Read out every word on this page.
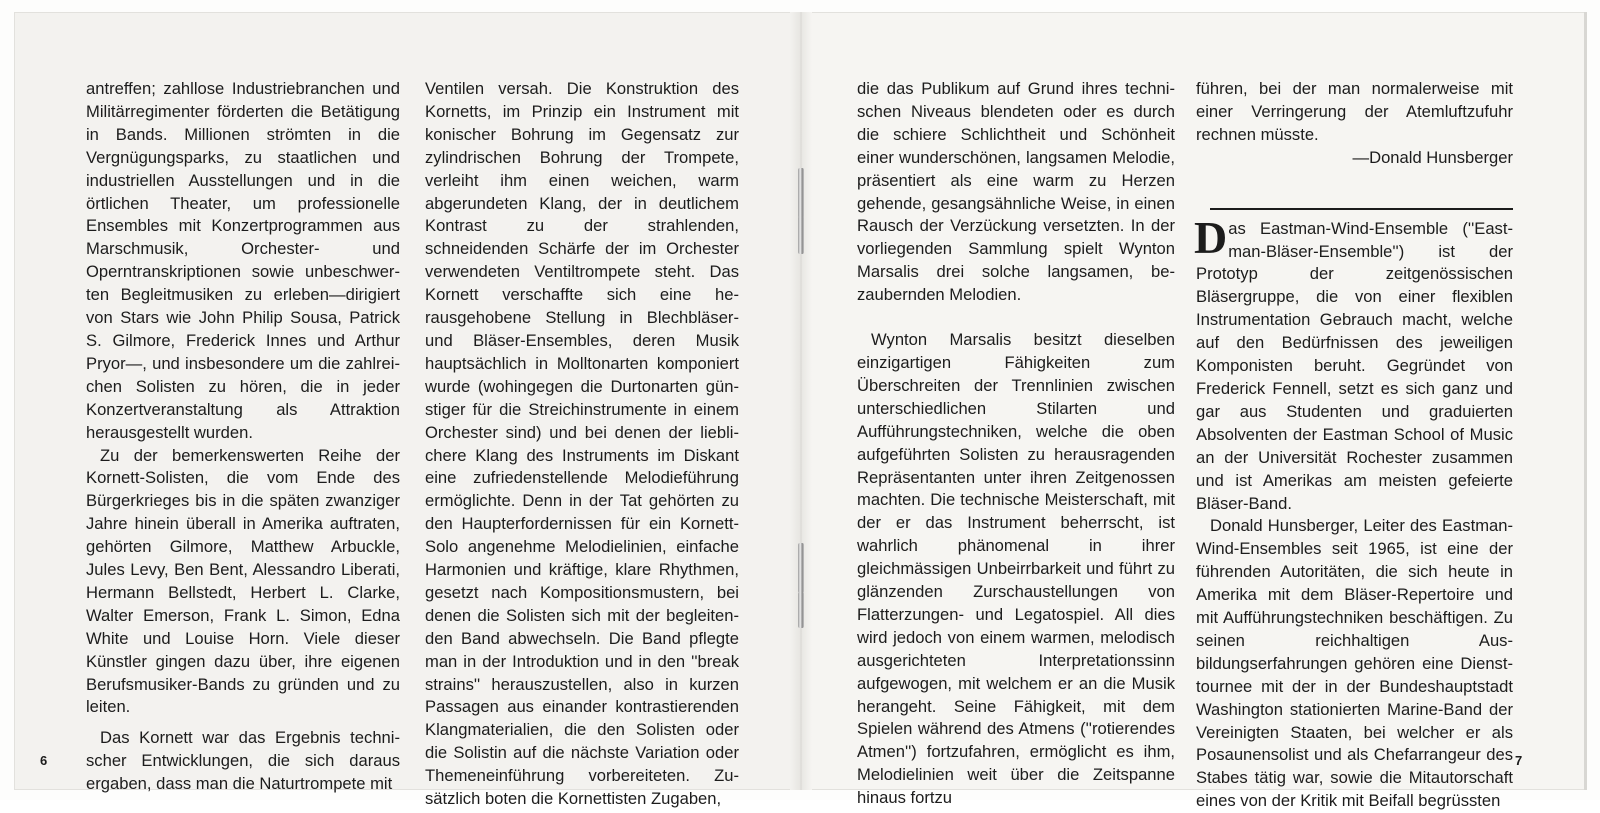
antreffen; zahllose Industriebranchen und Militärregimenter förderten die Betätigung in Bands. Millionen strömten in die Vergnügungsparks, zu staatlichen und industriellen Ausstellungen und in die örtlichen Theater, um professionelle Ensembles mit Konzertprogrammen aus Marschmusik, Orchester- und Operntranskriptionen sowie unbeschwerten Begleitmusiken zu erleben—dirigiert von Stars wie John Philip Sousa, Patrick S. Gilmore, Frederick Innes und Arthur Pryor—, und insbesondere um die zahlreichen Solisten zu hören, die in jeder Konzertveranstaltung als Attraktion herausgestellt wurden.

Zu der bemerkenswerten Reihe der Kornett-Solisten, die vom Ende des Bürgerkrieges bis in die späten zwanziger Jahre hinein überall in Amerika auftraten, gehörten Gilmore, Matthew Arbuckle, Jules Levy, Ben Bent, Alessandro Liberati, Hermann Bellstedt, Herbert L. Clarke, Walter Emerson, Frank L. Simon, Edna White und Louise Horn. Viele dieser Künstler gingen dazu über, ihre eigenen Berufsmusiker-Bands zu gründen und zu leiten.

Das Kornett war das Ergebnis technischer Entwicklungen, die sich daraus ergaben, dass man die Naturtrompete mit

Ventilen versah. Die Konstruktion des Kornetts, im Prinzip ein Instrument mit konischer Bohrung im Gegensatz zur zylindrischen Bohrung der Trompete, verleiht ihm einen weichen, warm abgerundeten Klang, der in deutlichem Kontrast zu der strahlenden, schneidenden Schärfe der im Orchester verwendeten Ventiltrompete steht. Das Kornett verschaffte sich eine herausgehobene Stellung in Blechbläser- und Bläser-Ensembles, deren Musik hauptsächlich in Molltonarten komponiert wurde (wohingegen die Durtonarten günstiger für die Streichinstrumente in einem Orchester sind) und bei denen der lieblichere Klang des Instruments im Diskant eine zufriedenstellende Melodieführung ermöglichte. Denn in der Tat gehörten zu den Haupterfordernissen für ein Kornett-Solo angenehme Melodielinien, einfache Harmonien und kräftige, klare Rhythmen, gesetzt nach Kompositionsmustern, bei denen die Solisten sich mit der begleitenden Band abwechseln. Die Band pflegte man in der Introduktion und in den ''break strains'' herauszustellen, also in kurzen Passagen aus einander kontrastierenden Klangmaterialien, die den Solisten oder die Solistin auf die nächste Variation oder Themeneinführung vorbereiteten. Zusätzlich boten die Kornettisten Zugaben,

die das Publikum auf Grund ihres technischen Niveaus blendeten oder es durch die schiere Schlichtheit und Schönheit einer wunderschönen, langsamen Melodie, präsentiert als eine warm zu Herzen gehende, gesangsähnliche Weise, in einen Rausch der Verzückung versetzten. In der vorliegenden Sammlung spielt Wynton Marsalis drei solche langsamen, bezaubernden Melodien.

Wynton Marsalis besitzt dieselben einzigartigen Fähigkeiten zum Überschreiten der Trennlinien zwischen unterschiedlichen Stilarten und Aufführungstechniken, welche die oben aufgeführten Solisten zu herausragenden Repräsentanten unter ihren Zeitgenossen machten. Die technische Meisterschaft, mit der er das Instrument beherrscht, ist wahrlich phänomenal in ihrer gleichmässigen Unbeirrbarkeit und führt zu glänzenden Zurschaustellungen von Flatterzungen- und Legatospiel. All dies wird jedoch von einem warmen, melodisch ausgerichteten Interpretationssinn aufgewogen, mit welchem er an die Musik herangeht. Seine Fähigkeit, mit dem Spielen während des Atmens (''rotierendes Atmen'') fortzufahren, ermöglicht es ihm, Melodielinien weit über die Zeitspanne hinaus fortzu

führen, bei der man normalerweise mit einer Verringerung der Atemluftzufuhr rechnen müsste.

—Donald Hunsberger

Das Eastman-Wind-Ensemble (''Eastman-Bläser-Ensemble'') ist der Prototyp der zeitgenössischen Bläsergruppe, die von einer flexiblen Instrumentation Gebrauch macht, welche auf den Bedürfnissen des jeweiligen Komponisten beruht. Gegründet von Frederick Fennell, setzt es sich ganz und gar aus Studenten und graduierten Absolventen der Eastman School of Music an der Universität Rochester zusammen und ist Amerikas am meisten gefeierte Bläser-Band.

Donald Hunsberger, Leiter des Eastman-Wind-Ensembles seit 1965, ist eine der führenden Autoritäten, die sich heute in Amerika mit dem Bläser-Repertoire und mit Aufführungstechniken beschäftigen. Zu seinen reichhaltigen Ausbildungserfahrungen gehören eine Diensttournee mit der in der Bundeshauptstadt Washington stationierten Marine-Band der Vereinigten Staaten, bei welcher er als Posaunensolist und als Chefarrangeur des Stabes tätig war, sowie die Mitautorschaft eines von der Kritik mit Beifall begrüssten

6	7
